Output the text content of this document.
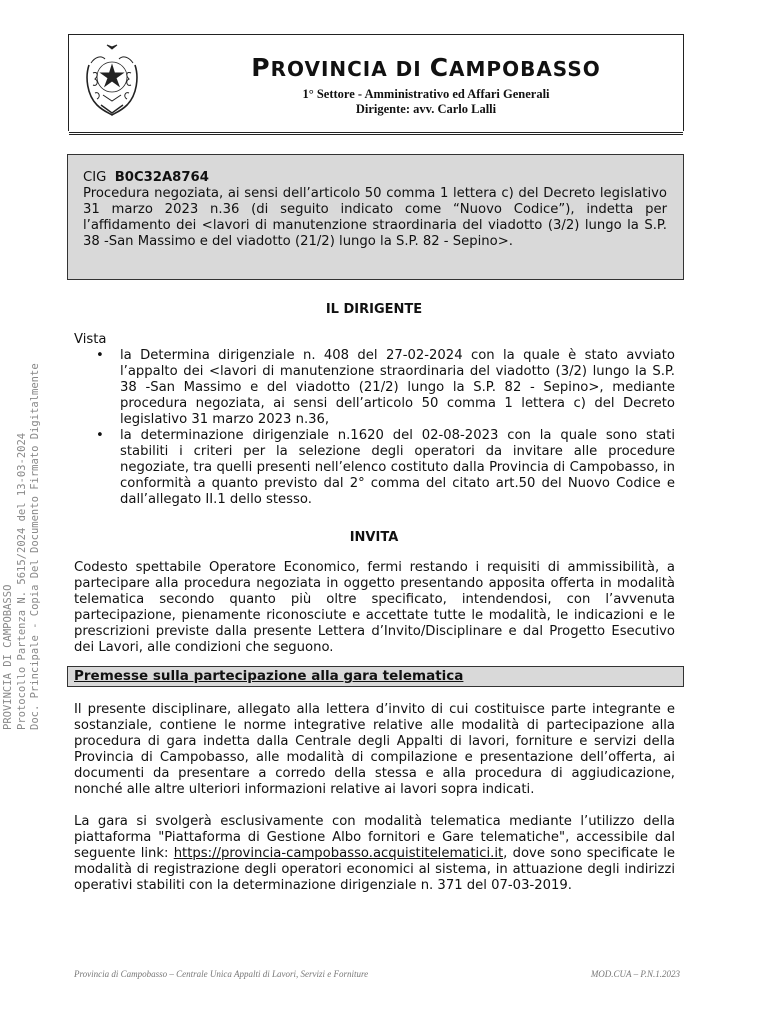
PROVINCIA DI CAMPOBASSO
1° Settore - Amministrativo ed Affari Generali
Dirigente: avv. Carlo Lalli
CIG B0C32A8764
Procedura negoziata, ai sensi dell’articolo 50 comma 1 lettera c) del Decreto legislativo 31 marzo 2023 n.36 (di seguito indicato come “Nuovo Codice”), indetta per l’affidamento dei <lavori di manutenzione straordinaria del viadotto (3/2) lungo la S.P. 38 -San Massimo e del viadotto (21/2) lungo la S.P. 82 - Sepino>.
PROVINCIA DI CAMPOBASSO Protocollo Partenza N. 5615/2024 del 13-03-2024 Doc. Principale - Copia Del Documento Firmato Digitalmente
IL DIRIGENTE
Vista
• la Determina dirigenziale n. 408 del 27-02-2024 con la quale è stato avviato l’appalto dei <lavori di manutenzione straordinaria del viadotto (3/2) lungo la S.P. 38 -San Massimo e del viadotto (21/2) lungo la S.P. 82 - Sepino>, mediante procedura negoziata, ai sensi dell’articolo 50 comma 1 lettera c) del Decreto legislativo 31 marzo 2023 n.36,
• la determinazione dirigenziale n.1620 del 02-08-2023 con la quale sono stati stabiliti i criteri per la selezione degli operatori da invitare alle procedure negoziate, tra quelli presenti nell’elenco costituto dalla Provincia di Campobasso, in conformità a quanto previsto dal 2° comma del citato art.50 del Nuovo Codice e dall’allegato II.1 dello stesso.
INVITA
Codesto spettabile Operatore Economico, fermi restando i requisiti di ammissibilità, a partecipare alla procedura negoziata in oggetto presentando apposita offerta in modalità telematica secondo quanto più oltre specificato, intendendosi, con l’avvenuta partecipazione, pienamente riconosciute e accettate tutte le modalità, le indicazioni e le prescrizioni previste dalla presente Lettera d’Invito/Disciplinare e dal Progetto Esecutivo dei Lavori, alle condizioni che seguono.
Premesse sulla partecipazione alla gara telematica
Il presente disciplinare, allegato alla lettera d’invito di cui costituisce parte integrante e sostanziale, contiene le norme integrative relative alle modalità di partecipazione alla procedura di gara indetta dalla Centrale degli Appalti di lavori, forniture e servizi della Provincia di Campobasso, alle modalità di compilazione e presentazione dell’offerta, ai documenti da presentare a corredo della stessa e alla procedura di aggiudicazione, nonché alle altre ulteriori informazioni relative ai lavori sopra indicati.
La gara si svolgerà esclusivamente con modalità telematica mediante l’utilizzo della piattaforma "Piattaforma di Gestione Albo fornitori e Gare telematiche", accessibile dal seguente link: https://provincia-campobasso.acquistitelematici.it, dove sono specificate le modalità di registrazione degli operatori economici al sistema, in attuazione degli indirizzi operativi stabiliti con la determinazione dirigenziale n. 371 del 07-03-2019.
Provincia di Campobasso – Centrale Unica Appalti di Lavori, Servizi e Forniture	MOD.CUA – P.N.1.2023
